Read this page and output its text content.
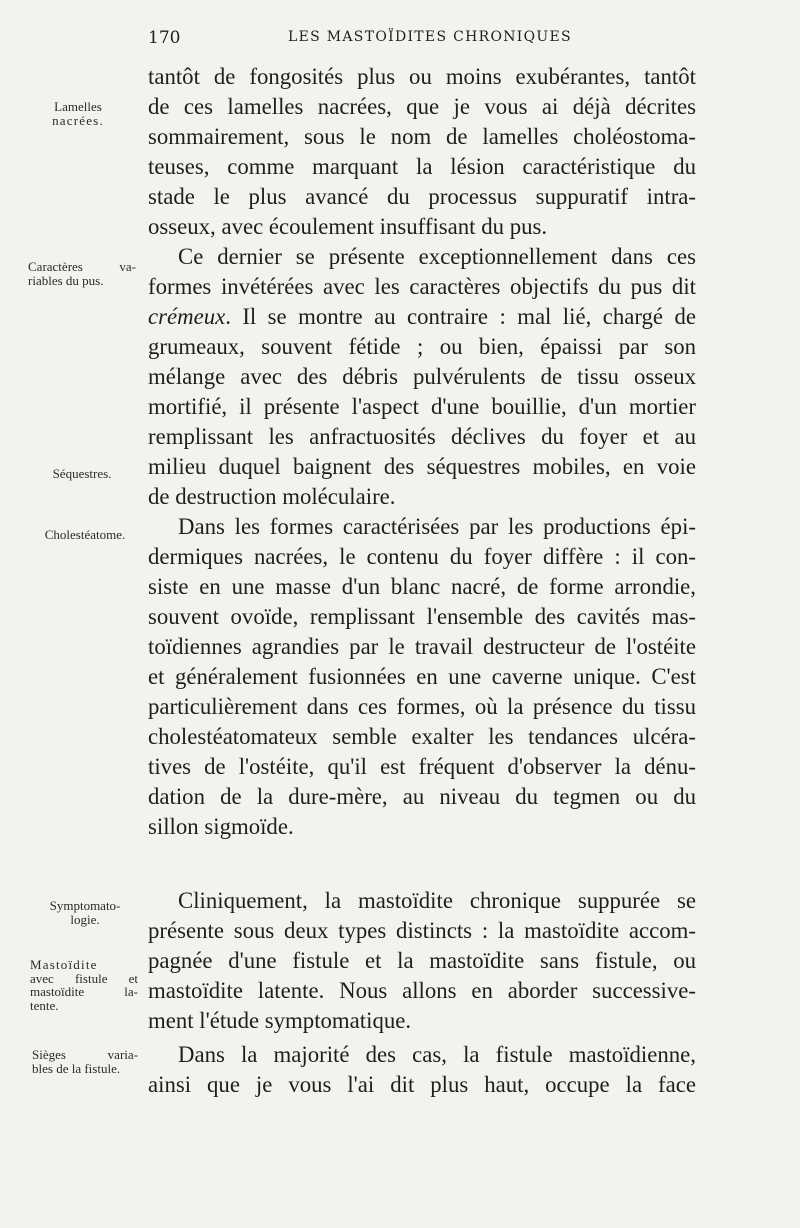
170	LES MASTOÏDITES CHRONIQUES
tantôt de fongosités plus ou moins exubérantes, tantôt
de ces lamelles nacrées, que je vous ai déjà décrites
sommairement, sous le nom de lamelles choléostoma-
teuses, comme marquant la lésion caractéristique du
stade le plus avancé du processus suppuratif intra-
osseux, avec écoulement insuffisant du pus.
Ce dernier se présente exceptionnellement dans ces
formes invétérées avec les caractères objectifs du pus dit
crémeux. Il se montre au contraire : mal lié, chargé de
grumeaux, souvent fétide ; ou bien, épaissi par son
mélange avec des débris pulvérulents de tissu osseux
mortifié, il présente l'aspect d'une bouillie, d'un mortier
remplissant les anfractuosités déclives du foyer et au
milieu duquel baignent des séquestres mobiles, en voie
de destruction moléculaire.
Dans les formes caractérisées par les productions épi-
dermiques nacrées, le contenu du foyer diffère : il con-
siste en une masse d'un blanc nacré, de forme arrondie,
souvent ovoïde, remplissant l'ensemble des cavités mas-
toïdiennes agrandies par le travail destructeur de l'ostéite
et généralement fusionnées en une caverne unique. C'est
particulièrement dans ces formes, où la présence du tissu
cholestéatomateux semble exalter les tendances ulcéra-
tives de l'ostéite, qu'il est fréquent d'observer la dénu-
dation de la dure-mère, au niveau du tegmen ou du
sillon sigmoïde.
Cliniquement, la mastoïdite chronique suppurée se
présente sous deux types distincts : la mastoïdite accom-
pagnée d'une fistule et la mastoïdite sans fistule, ou
mastoïdite latente. Nous allons en aborder successive-
ment l'étude symptomatique.
Dans la majorité des cas, la fistule mastoïdienne,
ainsi que je vous l'ai dit plus haut, occupe la face
Lamelles
nacrées.
Caractères va-
riables du pus.
Séquestres.
Cholestéatome.
Symptomato-
logie.
Mastoïdite
avec fistule et
mastoïdite la-
tente.
Sièges varia-
bles de la fistule.
